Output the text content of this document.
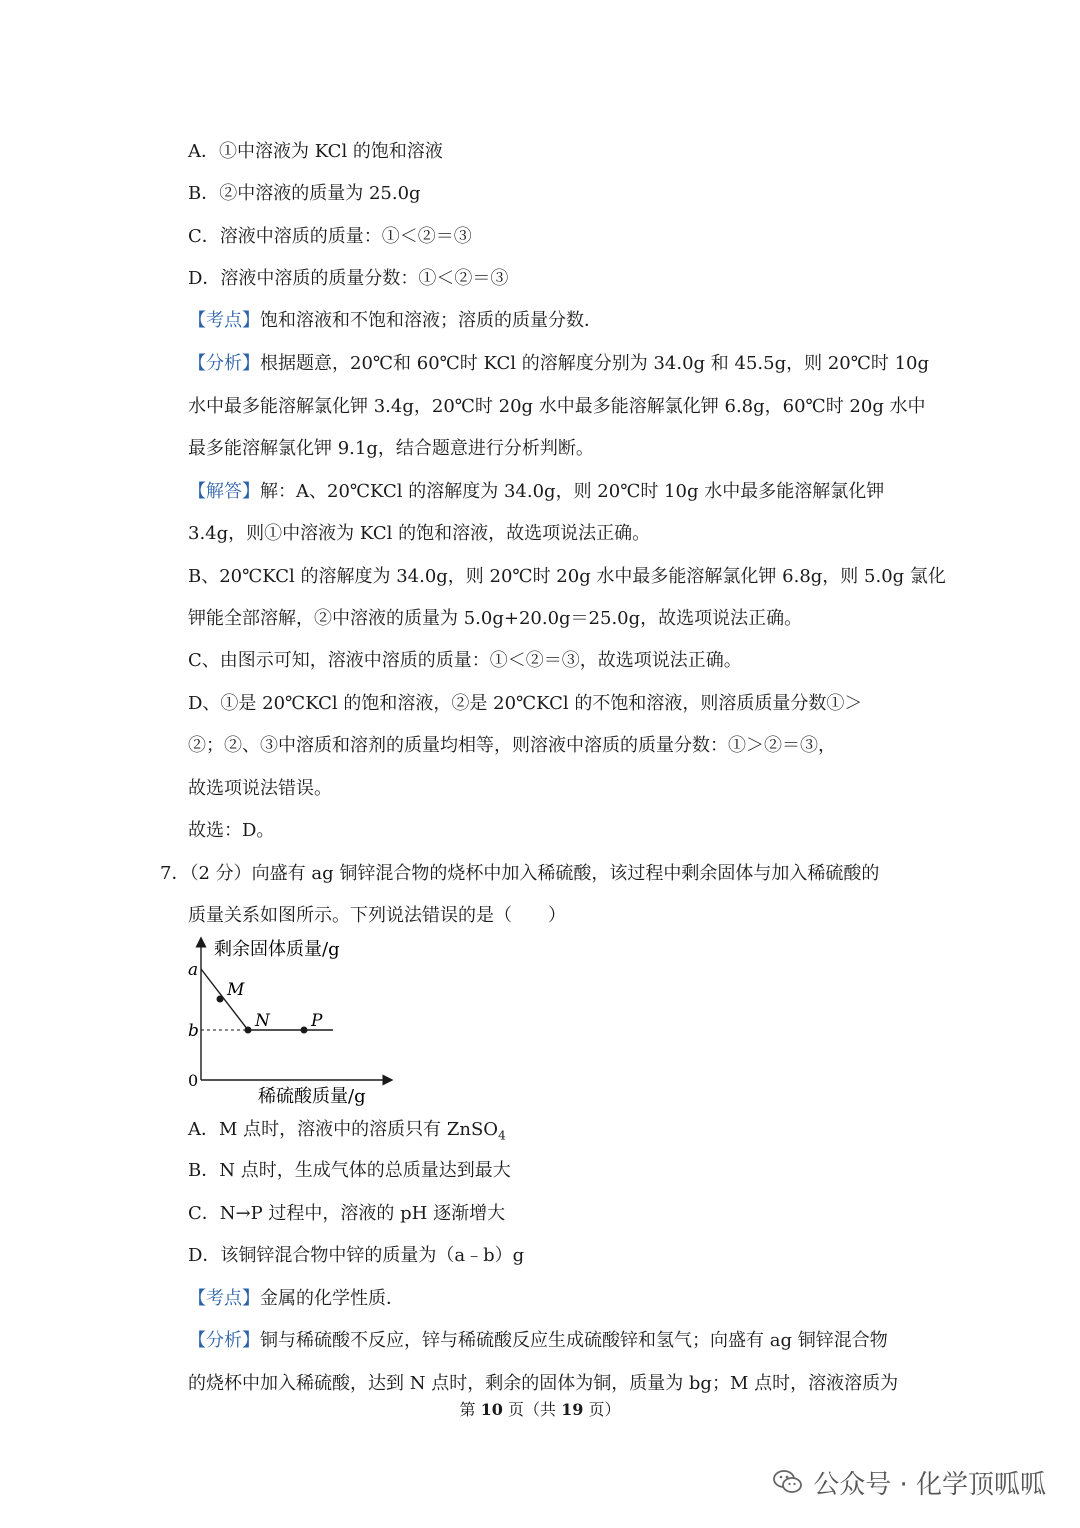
A．①中溶液为 KCl 的饱和溶液
B．②中溶液的质量为 25.0g
C．溶液中溶质的质量：①＜②＝③
D．溶液中溶质的质量分数：①＜②＝③
【考点】饱和溶液和不饱和溶液；溶质的质量分数．
【分析】根据题意，20℃和 60℃时 KCl 的溶解度分别为 34.0g 和 45.5g，则 20℃时 10g
水中最多能溶解氯化钾 3.4g，20℃时 20g 水中最多能溶解氯化钾 6.8g，60℃时 20g 水中
最多能溶解氯化钾 9.1g，结合题意进行分析判断。
【解答】解：A、20℃KCl 的溶解度为 34.0g，则 20℃时 10g 水中最多能溶解氯化钾
3.4g，则①中溶液为 KCl 的饱和溶液，故选项说法正确。
B、20℃KCl 的溶解度为 34.0g，则 20℃时 20g 水中最多能溶解氯化钾 6.8g，则 5.0g 氯化
钾能全部溶解，②中溶液的质量为 5.0g+20.0g＝25.0g，故选项说法正确。
C、由图示可知，溶液中溶质的质量：①＜②＝③，故选项说法正确。
D、①是 20℃KCl 的饱和溶液，②是 20℃KCl 的不饱和溶液，则溶质质量分数①＞
②；②、③中溶质和溶剂的质量均相等，则溶液中溶质的质量分数：①＞②＝③，
故选项说法错误。
故选：D。
7．（2 分）向盛有 ag 铜锌混合物的烧杯中加入稀硫酸，该过程中剩余固体与加入稀硫酸的
质量关系如图所示。下列说法错误的是（　　）
M
N P
a
b
0
剩余固体质量/g
稀硫酸质量/g
A．M 点时，溶液中的溶质只有 ZnSO$_4$
B．N 点时，生成气体的总质量达到最大
C．N→P 过程中，溶液的 pH 逐渐增大
D．该铜锌混合物中锌的质量为（a﹣b）g
【考点】金属的化学性质．
【分析】铜与稀硫酸不反应，锌与稀硫酸反应生成硫酸锌和氢气；向盛有 ag 铜锌混合物
的烧杯中加入稀硫酸，达到 N 点时，剩余的固体为铜，质量为 bg；M 点时，溶液溶质为
第 10 页（共 19 页）
公众号 · 化学顶呱呱
